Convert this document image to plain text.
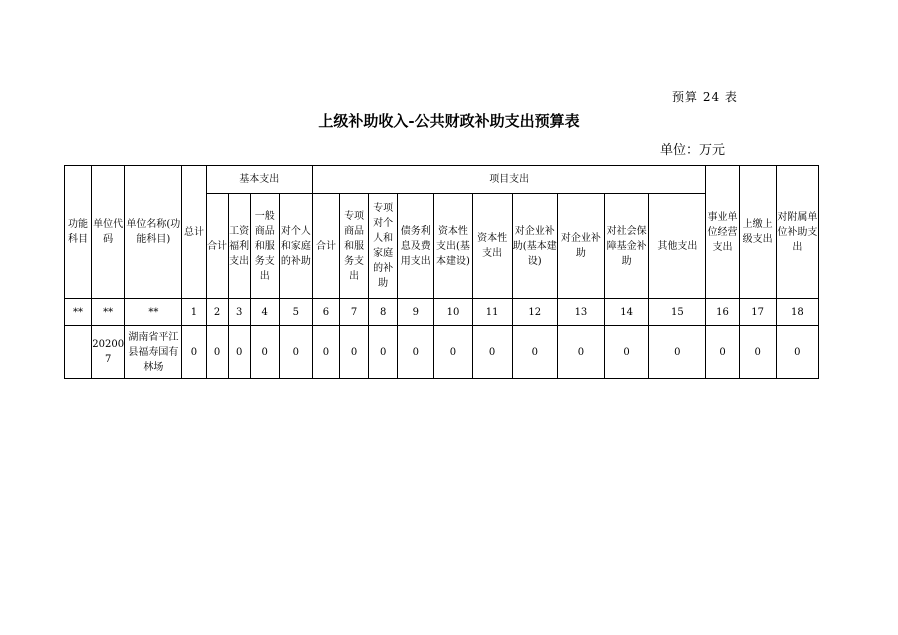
预算 24 表
上级补助收入-公共财政补助支出预算表
单位：万元
功能科目	单位代码	单位名称(功能科目)	总计	基本支出				项目支出										事业单位经营支出	上缴上级支出	对附属单位补助支出
				合计	工资福利支出	一般商品和服务支出	对个人和家庭的补助	合计	专项商品和服务支出	专项对个人和家庭的补助	债务利息及费用支出	资本性支出(基本建设)	资本性支出	对企业补助(基本建设)	对企业补助	对社会保障基金补助	其他支出			
**	**	**	1	2	3	4	5	6	7	8	9	10	11	12	13	14	15	16	17	18
	202007	湖南省平江县福寿国有林场	0	0	0	0	0	0	0	0	0	0	0	0	0	0	0	0	0	0
